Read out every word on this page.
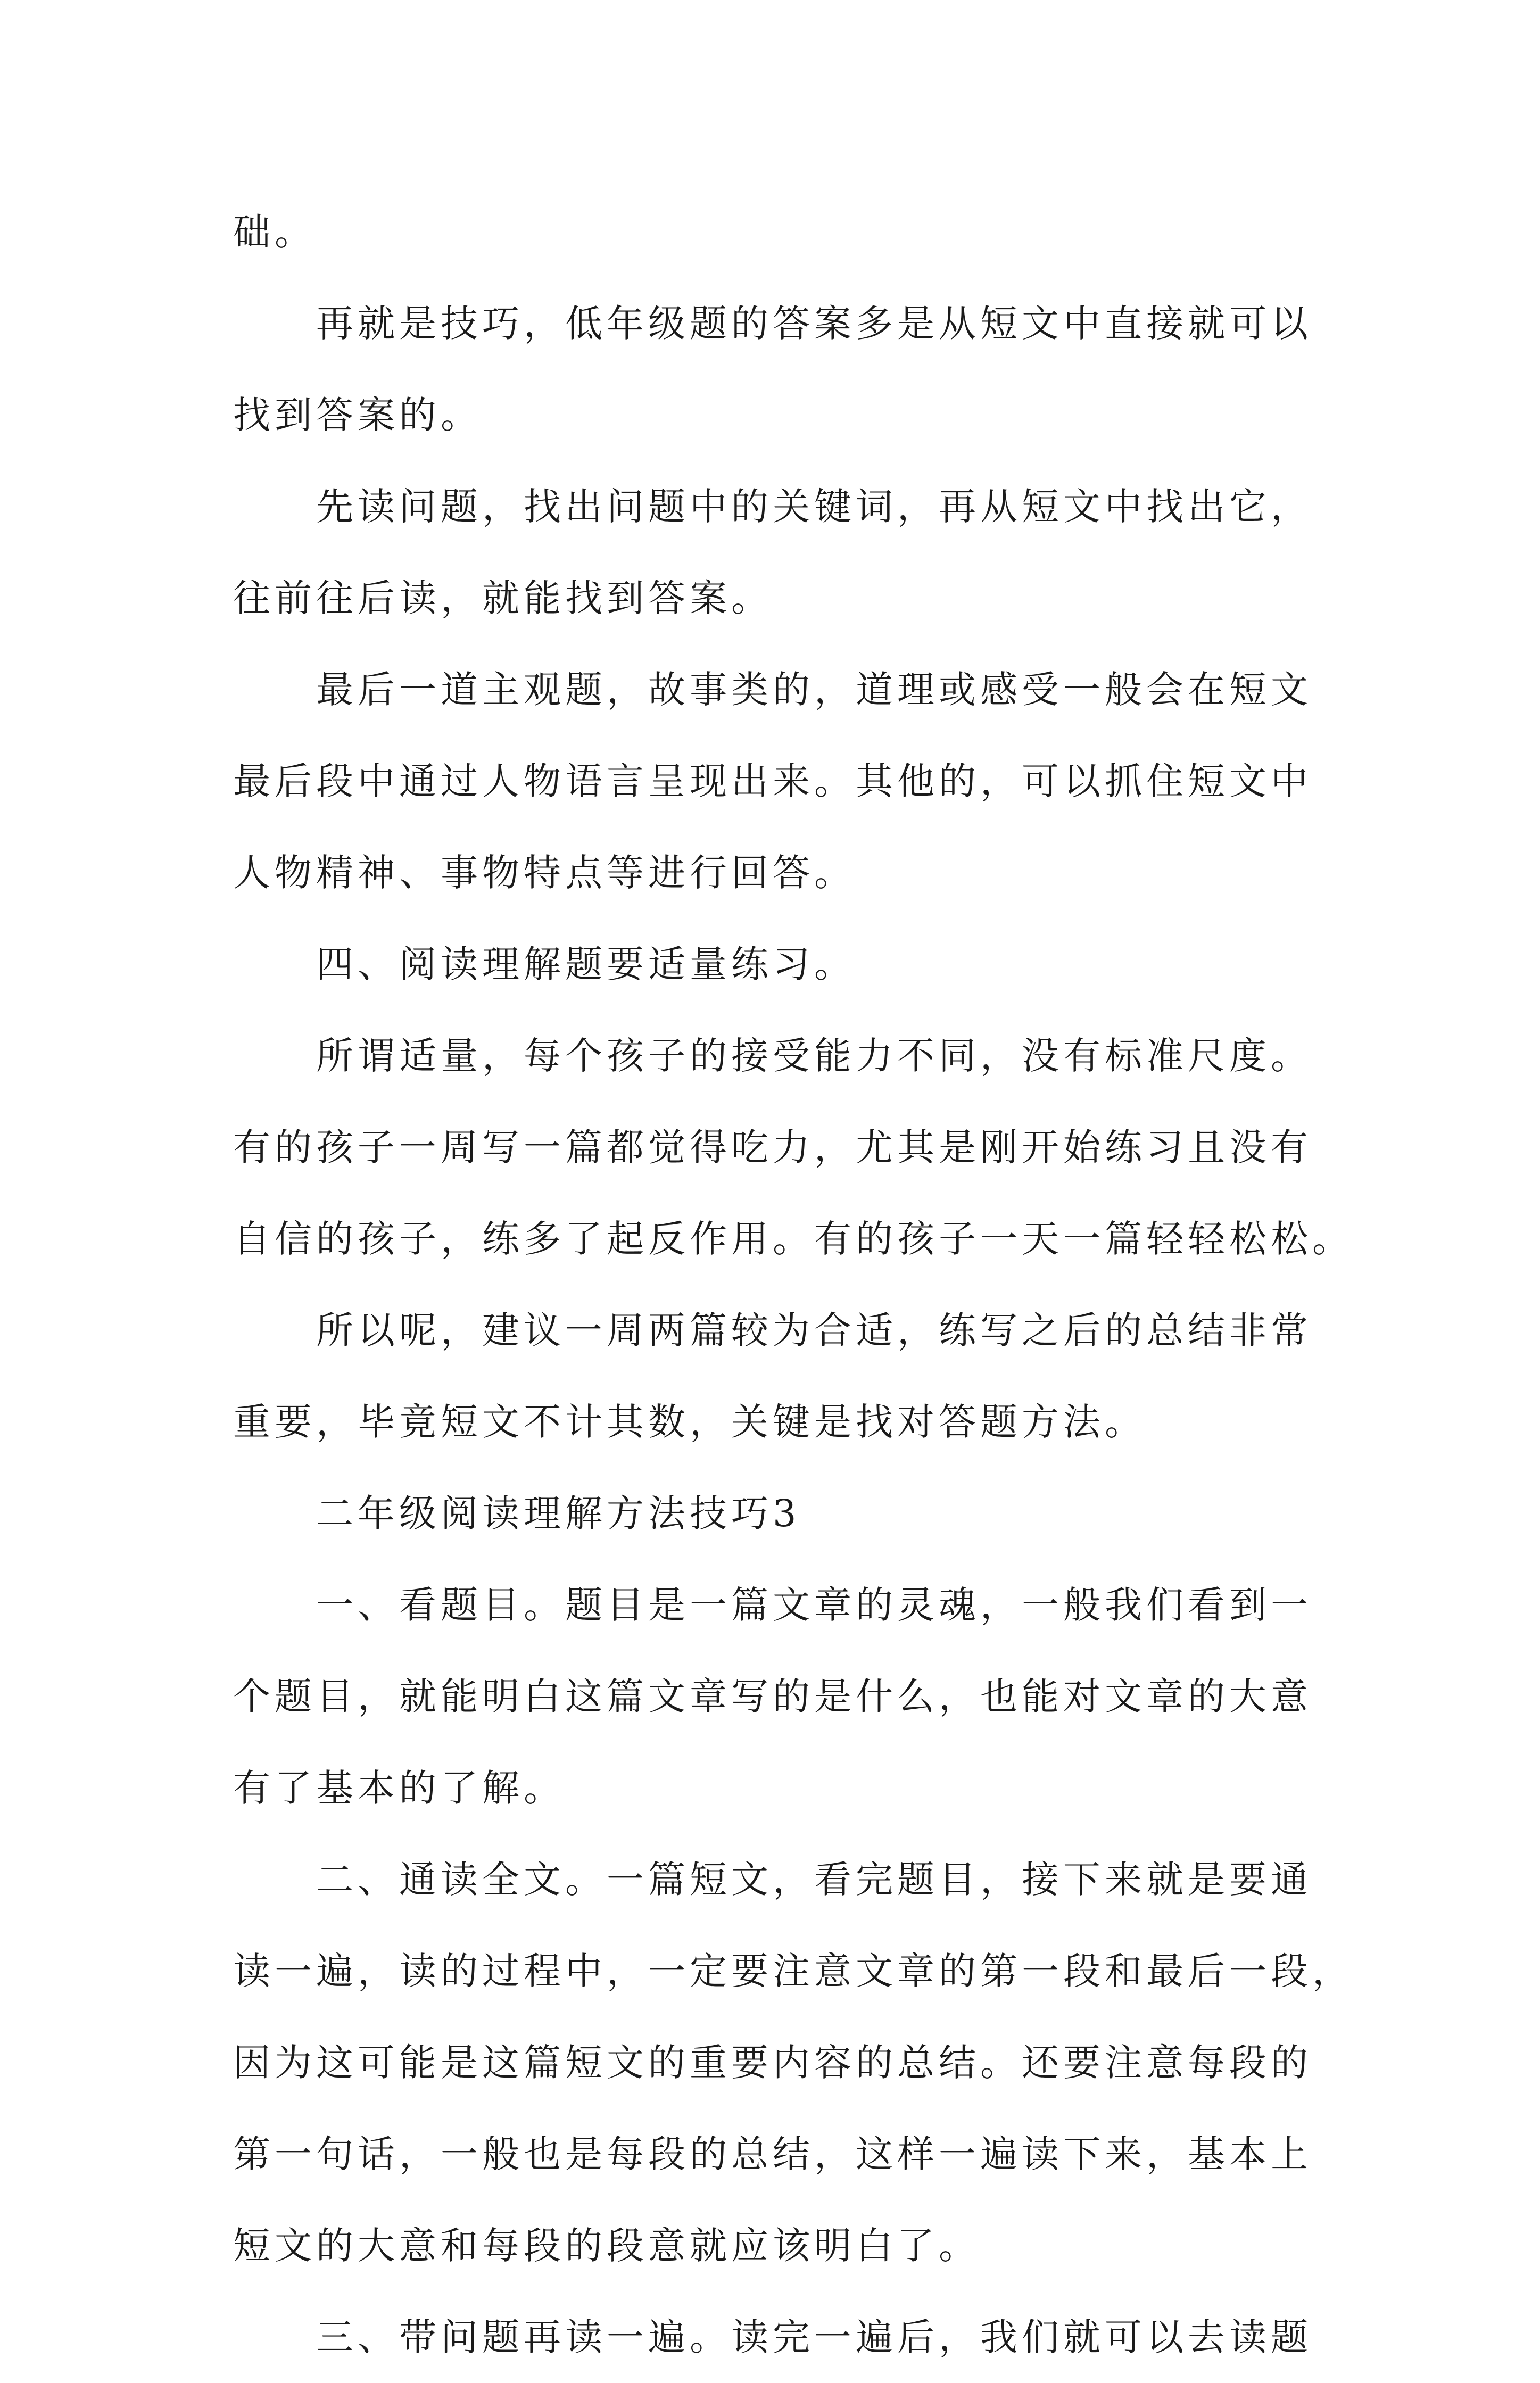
础。
再就是技巧，低年级题的答案多是从短文中直接就可以
找到答案的。
先读问题，找出问题中的关键词，再从短文中找出它，
往前往后读，就能找到答案。
最后一道主观题，故事类的，道理或感受一般会在短文
最后段中通过人物语言呈现出来。其他的，可以抓住短文中
人物精神、事物特点等进行回答。
四、阅读理解题要适量练习。
所谓适量，每个孩子的接受能力不同，没有标准尺度。
有的孩子一周写一篇都觉得吃力，尤其是刚开始练习且没有
自信的孩子，练多了起反作用。有的孩子一天一篇轻轻松松。
所以呢，建议一周两篇较为合适，练写之后的总结非常
重要，毕竟短文不计其数，关键是找对答题方法。
二年级阅读理解方法技巧3
一、看题目。题目是一篇文章的灵魂，一般我们看到一
个题目，就能明白这篇文章写的是什么，也能对文章的大意
有了基本的了解。
二、通读全文。一篇短文，看完题目，接下来就是要通
读一遍，读的过程中，一定要注意文章的第一段和最后一段，
因为这可能是这篇短文的重要内容的总结。还要注意每段的
第一句话，一般也是每段的总结，这样一遍读下来，基本上
短文的大意和每段的段意就应该明白了。
三、带问题再读一遍。读完一遍后，我们就可以去读题
